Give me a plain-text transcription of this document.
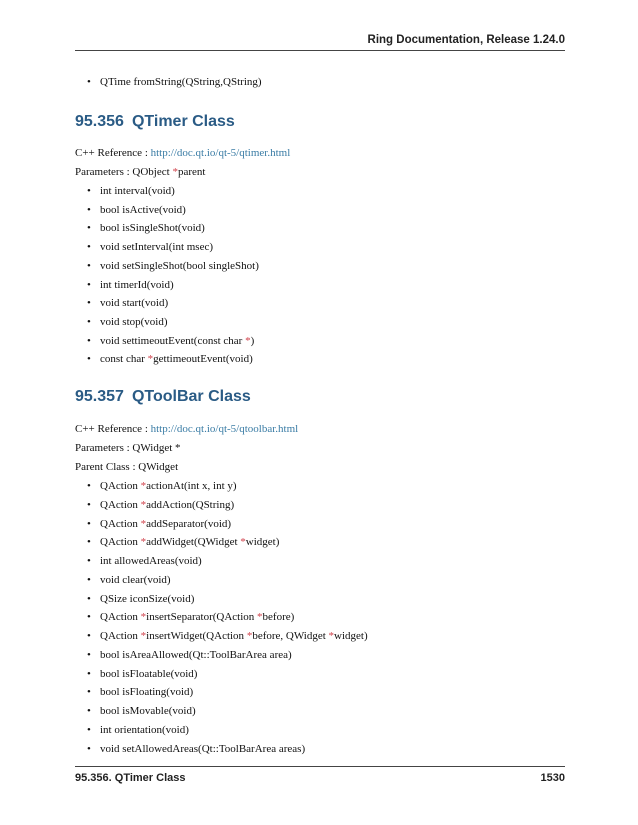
Ring Documentation, Release 1.24.0
• QTime fromString(QString,QString)
95.356 QTimer Class
C++ Reference : http://doc.qt.io/qt-5/qtimer.html
Parameters : QObject *parent
• int interval(void)
• bool isActive(void)
• bool isSingleShot(void)
• void setInterval(int msec)
• void setSingleShot(bool singleShot)
• int timerId(void)
• void start(void)
• void stop(void)
• void settimeoutEvent(const char *)
• const char *gettimeoutEvent(void)
95.357 QToolBar Class
C++ Reference : http://doc.qt.io/qt-5/qtoolbar.html
Parameters : QWidget *
Parent Class : QWidget
• QAction *actionAt(int x, int y)
• QAction *addAction(QString)
• QAction *addSeparator(void)
• QAction *addWidget(QWidget *widget)
• int allowedAreas(void)
• void clear(void)
• QSize iconSize(void)
• QAction *insertSeparator(QAction *before)
• QAction *insertWidget(QAction *before, QWidget *widget)
• bool isAreaAllowed(Qt::ToolBarArea area)
• bool isFloatable(void)
• bool isFloating(void)
• bool isMovable(void)
• int orientation(void)
• void setAllowedAreas(Qt::ToolBarArea areas)
95.356. QTimer Class	1530
